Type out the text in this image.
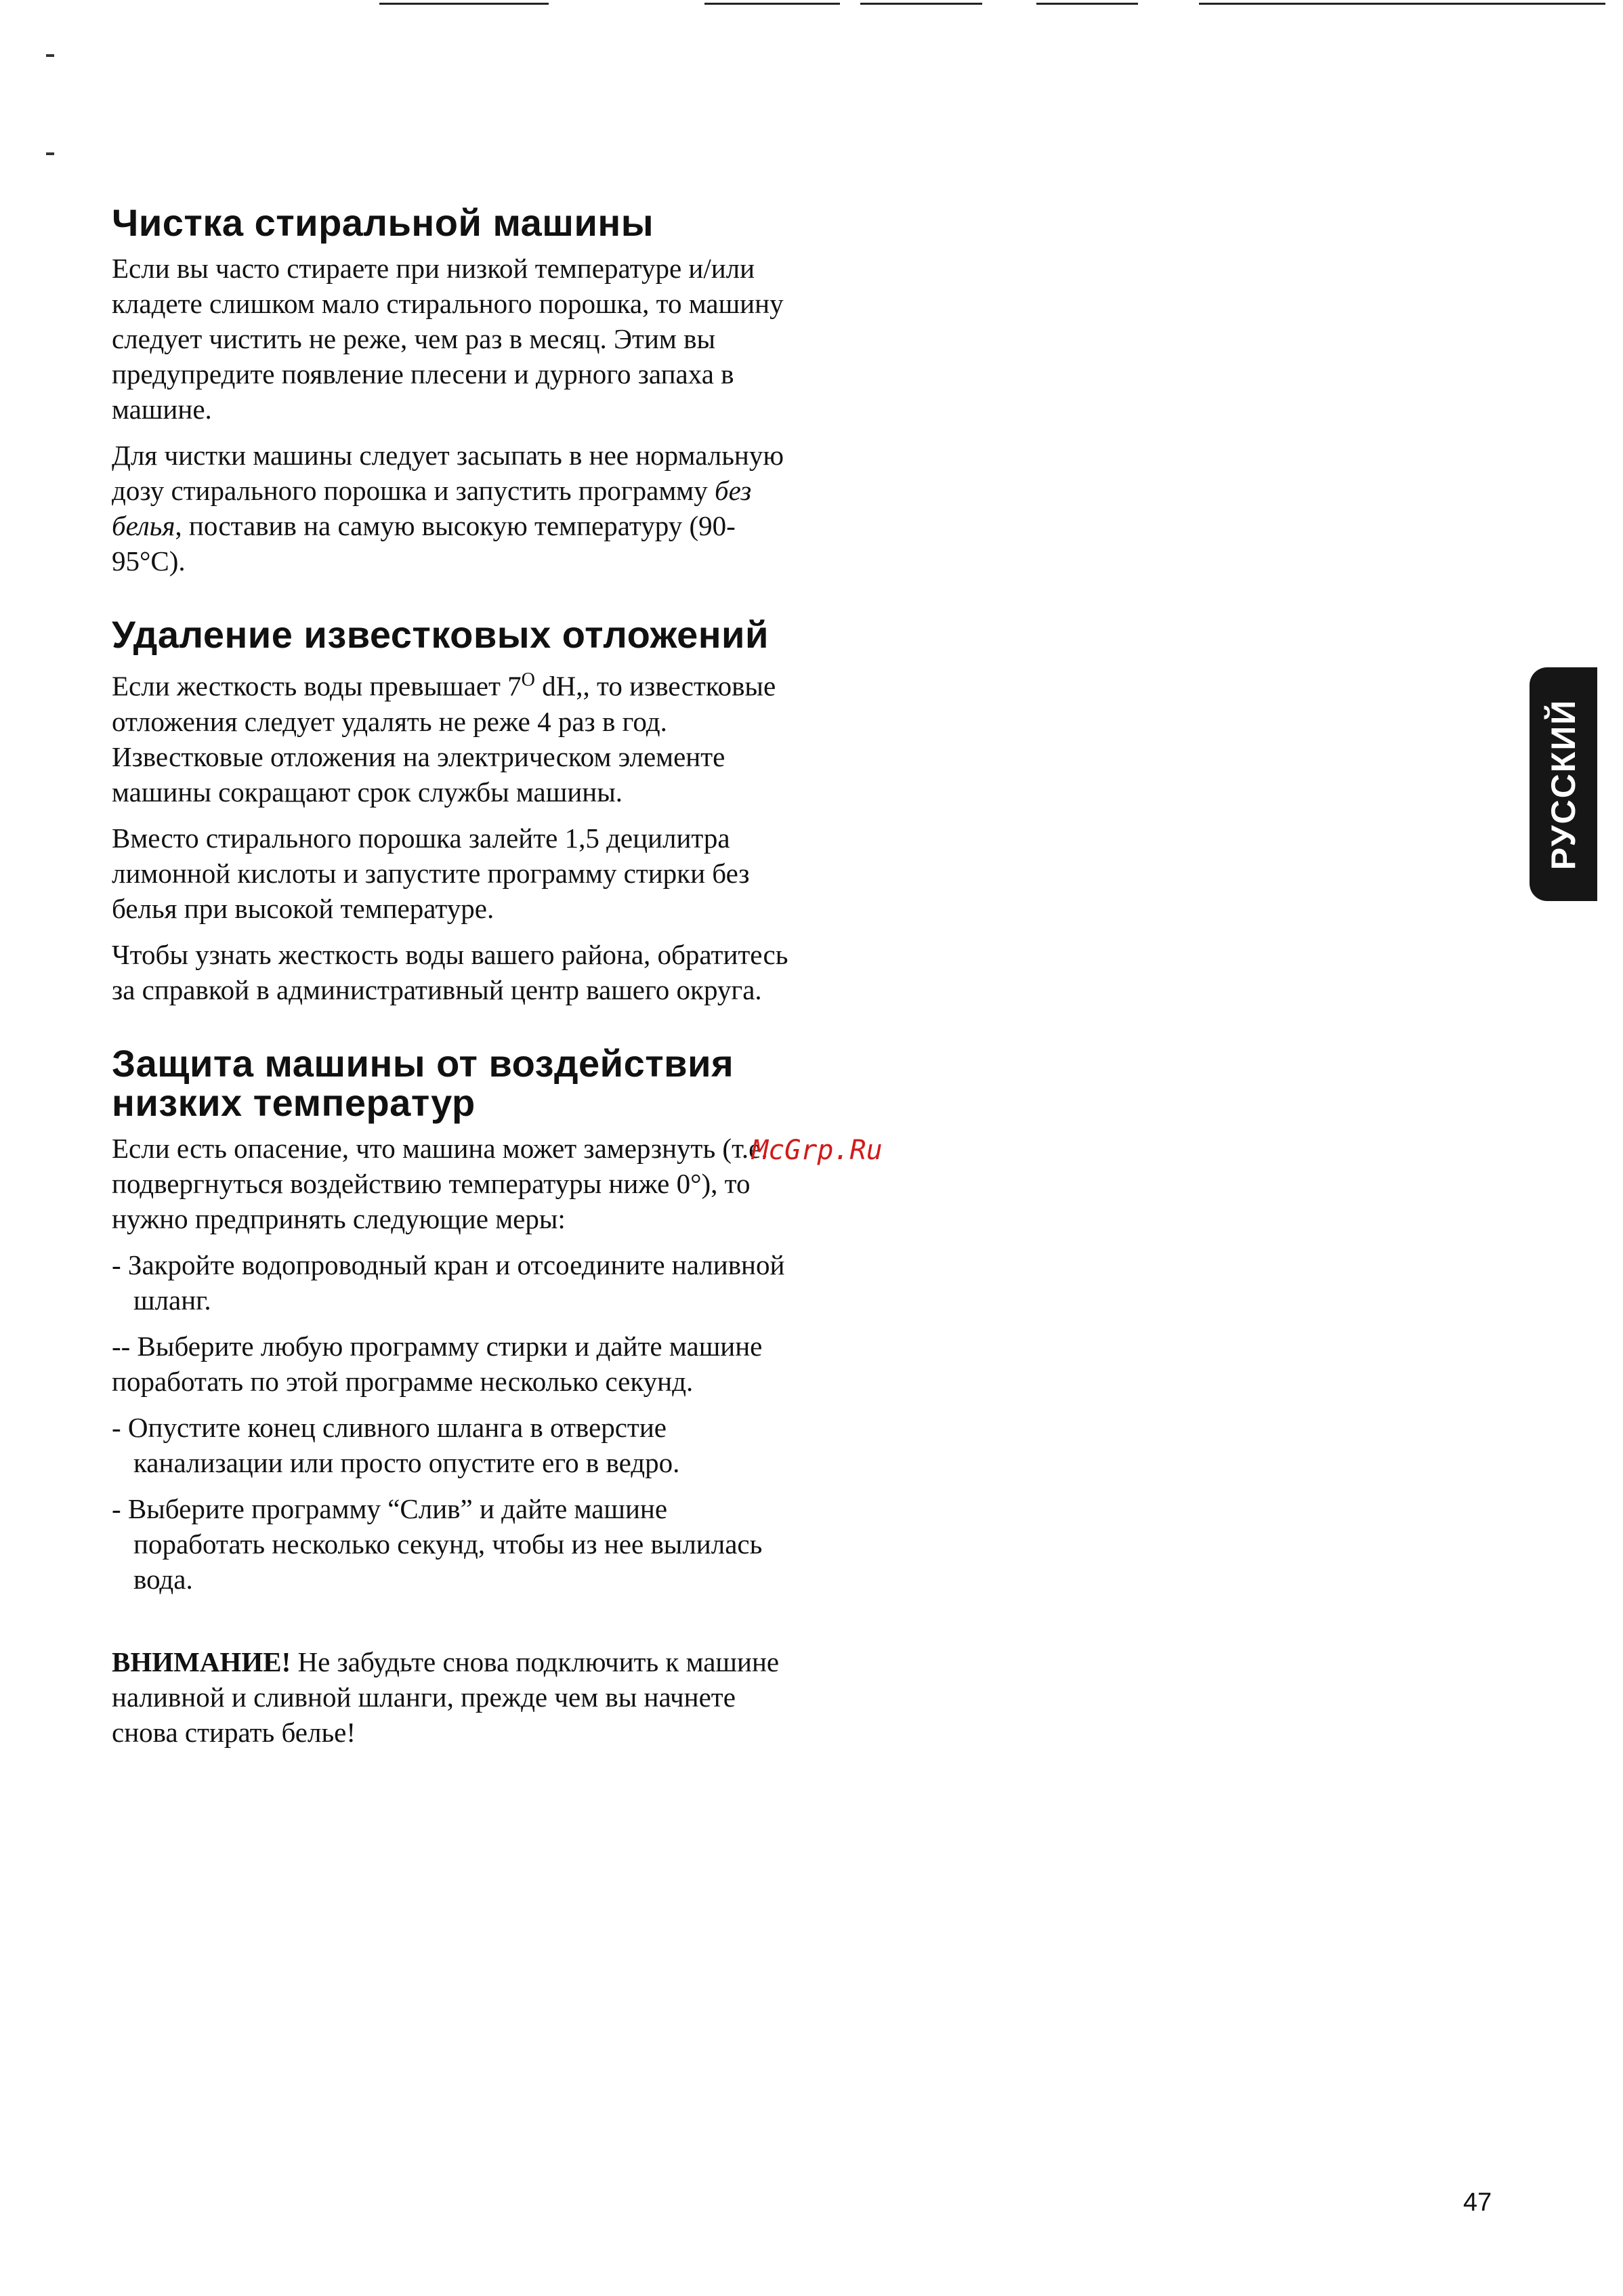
Чистка стиральной машины

Если вы часто стираете при низкой температуре и/или кладете слишком мало стирального порошка, то машину следует чистить не реже, чем раз в месяц. Этим вы предупредите появление плесени и дурного запаха в машине.

Для чистки машины следует засыпать в нее нормальную дозу стирального порошка и запустить программу без белья, поставив на самую высокую температуру (90-95°C).

Удаление известковых отложений

Если жесткость воды превышает $7^O$ dH,, то известковые отложения следует удалять не реже 4 раз в год. Известковые отложения на электрическом элементе машины сокращают срок службы машины.

Вместо стирального порошка залейте 1,5 децилитра лимонной кислоты и запустите программу стирки без белья при высокой температуре.

Чтобы узнать жесткость воды вашего района, обратитесь за справкой в административный центр вашего округа.

Защита машины от воздействия
низких температур

Если есть опасение, что машина может замерзнуть (т.е. подвергнуться воздействию температуры ниже 0°), то нужно предпринять следующие меры:

- Закройте водопроводный кран и отсоедините наливной шланг.

-- Выберите любую программу стирки и дайте машине поработать по этой программе несколько секунд.

- Опустите конец сливного шланга в отверстие канализации или просто опустите его в ведро.

- Выберите программу “Слив” и дайте машине поработать несколько секунд, чтобы из нее вылилась вода.

ВНИМАНИЕ! Не забудьте снова подключить к машине наливной и сливной шланги, прежде чем вы начнете снова стирать белье!

McGrp.Ru
РУССКИЙ
47
